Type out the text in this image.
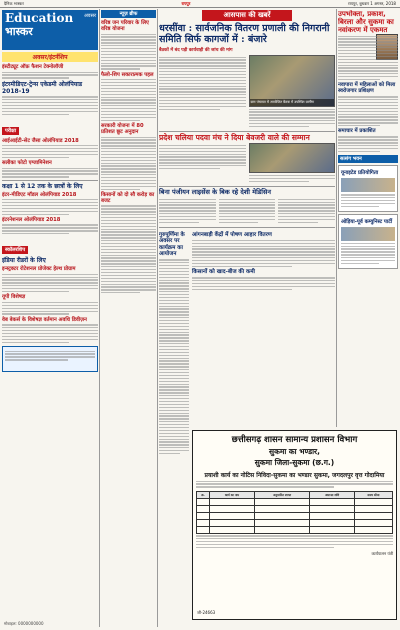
दैनिक भास्कर	रायपुर	रायपुर, बुधवार 1 अगस्त, 2018
Education
भास्कर
अवसर
अवसर/इंटर्नशिप
इंस्टीट्यूट ऑफ़ फैशन टेक्नोलॉजी
इंटरमीडिएट-ट्रेन्स एकेडमी ओलंपियाड 2018-19
परीक्षा
आईआईटी-सेट जैसा ओलंपियाड 2018
सलीका फोटो एग्जामिनेशन
कक्षा 1 से 12 तक के छात्रों के लिए
इंटर-मीडिएट मॉडल ओलंपियाड 2018
इंटरनेशनल ओलंपियाड 2018
स्कॉलरशिप
इंडिया रीडरों के लिए
इन्स्ट्रक्टर रोटेशनल प्रोजेक्ट हेल्थ प्रोग्राम
यूपी विशेषज्ञ
वेब बेकर्स के विशेषज्ञ वर्तमान अवधि डिवीज़न
न्यूज़ ब्रीफ
वरिष्ठ जन परिवार के लिए वरिष्ठ योजना
फैलो-शिप सकारात्मक पहल
सरकारी योजना में 80 प्रतिशत छूट अनुदान
किसानों को दो सौ करोड़ का बजट
आसपास की खबरें
धरसींवा : सार्वजनिक वितरण प्रणाली की निगरानी समिति सिर्फ कागजों में : बंजारे
बैठकों में बंद पड़ी कार्यवाही की जांच की मांग
ग्राम पंचायत में आयोजित बैठक में उपस्थित ग्रामीण
प्रदेश चलिया पदवा मंच ने दिया बेवजरी वाले की सम्मान
बिना पंजीयन लाइसेंस के बिक रहे देशी मेडिसिन
गुरुपूर्णिमा के अवसर पर कार्यक्रम का आयोजन
आंगनबाड़ी केंद्रों में पोषण आहार वितरण
किसानों को खाद-बीज की कमी
उपभोक्ता, प्रकाश, बिरला और सुकमा का नवांकरण में एकमत
नवापारा में महिलाओं को मिला स्वरोजगार प्रशिक्षण
समाचार में प्रकाशित
सत्संग भवन
यूनाइटेड प्रतियोगिता
ओड़िया-पूर्व कम्युनिस्ट पार्टी
छत्तीसगढ़ शासन सामान्य प्रशासन विभाग
सुकमा का भण्डार,
सुकमा जिला-सुकमा (छ.ग.)
प्रयाशी कार्य का नोटिस निविदा-सुकमा का भण्डार सुकमा, जगदलपुर वृत्त गोदामिया
क्र.	कार्य का नाम	अनुमानित लागत	अमानत राशि	समय सीमा

कार्यपालन यंत्री
जी-24663
मोबाइल: 0000000000
